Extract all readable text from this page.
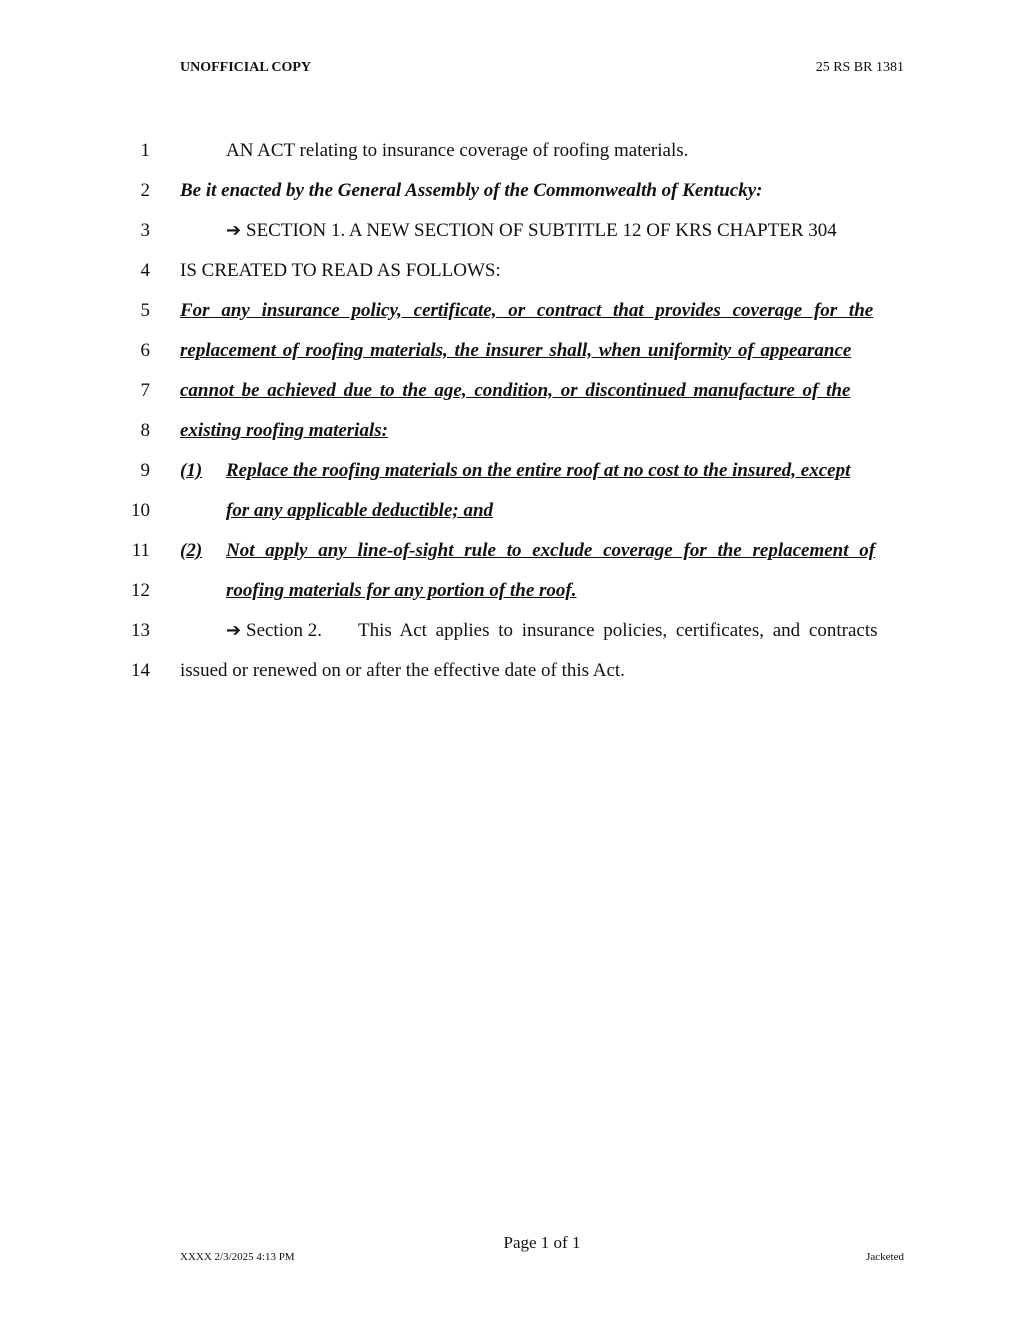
UNOFFICIAL COPY	25 RS BR 1381
1	AN ACT relating to insurance coverage of roofing materials.
2 Be it enacted by the General Assembly of the Commonwealth of Kentucky:
3	➔ SECTION 1. A NEW SECTION OF SUBTITLE 12 OF KRS CHAPTER 304
4 IS CREATED TO READ AS FOLLOWS:
5 For any insurance policy, certificate, or contract that provides coverage for the
6 replacement of roofing materials, the insurer shall, when uniformity of appearance
7 cannot be achieved due to the age, condition, or discontinued manufacture of the
8 existing roofing materials:
9 (1) Replace the roofing materials on the entire roof at no cost to the insured, except
10	for any applicable deductible; and
11 (2) Not apply any line-of-sight rule to exclude coverage for the replacement of
12	roofing materials for any portion of the roof.
13	➔ Section 2. This Act applies to insurance policies, certificates, and contracts
14 issued or renewed on or after the effective date of this Act.
Page 1 of 1
XXXX 2/3/2025 4:13 PM	Jacketed
